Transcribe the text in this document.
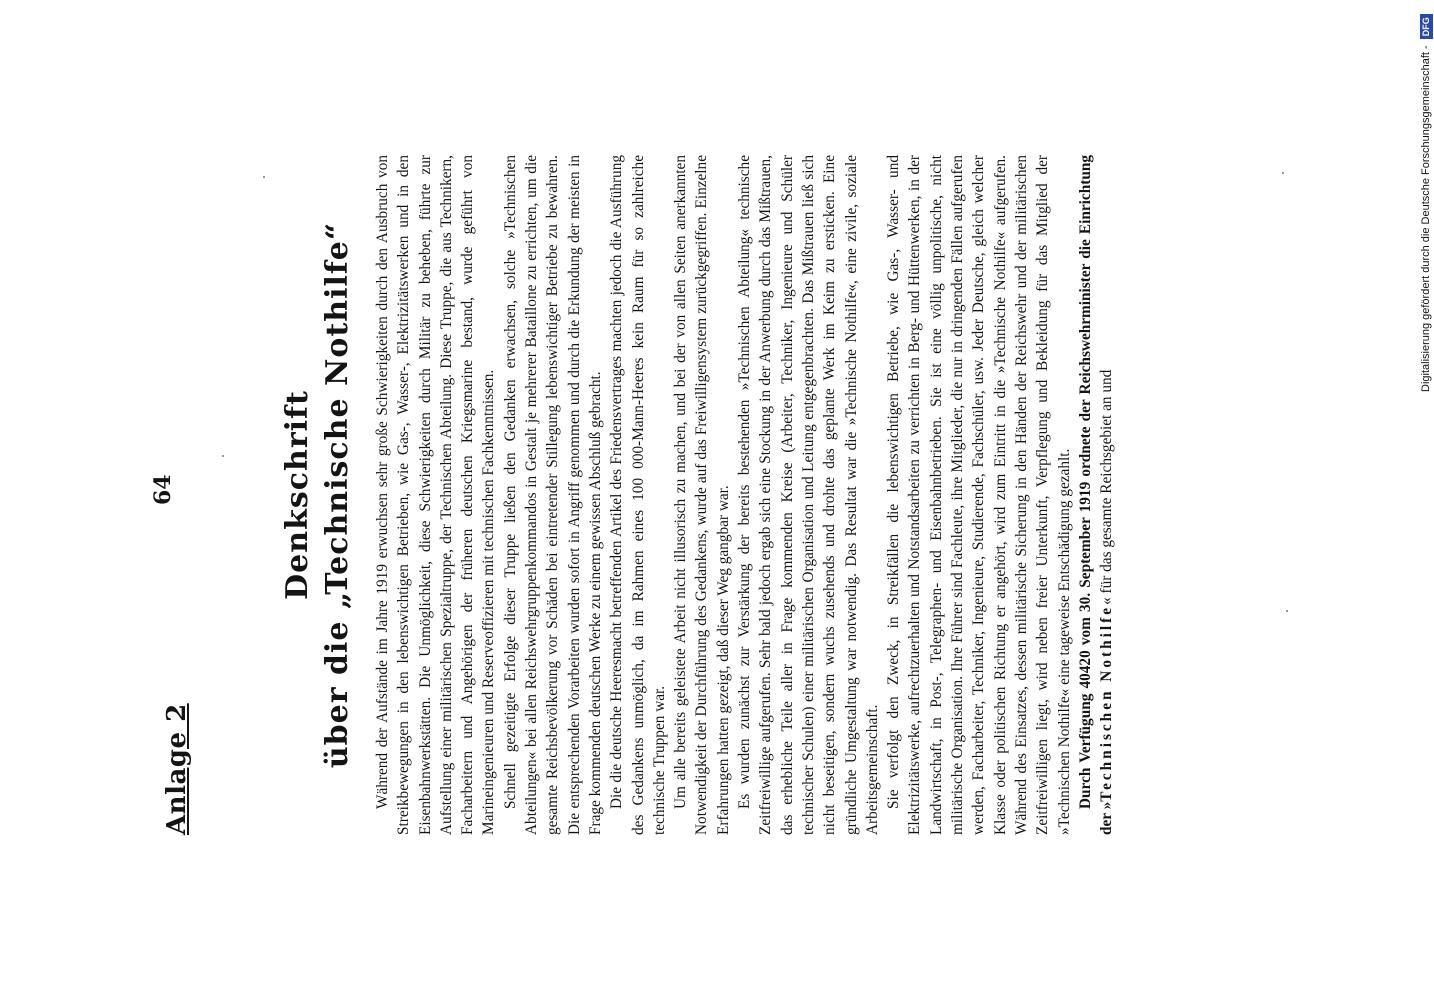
Anlage 2
64	Denkschrift über die „Technische Nothilfe“ Während der Aufstände im Jahre 1919 erwuchsen sehr große Schwierigkeiten durch den Ausbruch von Streikbewegungen in den lebenswichtigen Betrieben, wie Gas-, Wasser-, Elektrizitätswerken und in den Eisenbahnwerkstätten. Die Unmöglichkeit, diese Schwierigkeiten durch Militär zu beheben, führte zur Aufstellung einer militärischen Spezialtruppe, der Technischen Abteilung. Diese Truppe, die aus Technikern, Facharbeitern und Angehörigen der früheren deutschen Kriegsmarine bestand, wurde geführt von Marineingenieuren und Reserveoffizieren mit technischen Fachkenntnissen. Schnell gezeitigte Erfolge dieser Truppe ließen den Gedanken erwachsen, solche »Technischen Abteilungen« bei allen Reichswehrgruppenkommandos in Gestalt je mehrerer Bataillone zu errichten, um die gesamte Reichsbevölkerung vor Schäden bei eintretender Stillegung lebenswichtiger Betriebe zu bewahren. Die entsprechenden Vorarbeiten wurden sofort in Angriff genommen und durch die Erkundung der meisten in Frage kommenden deutschen Werke zu einem gewissen Abschluß gebracht. Die die deutsche Heeresmacht betreffenden Artikel des Friedensvertrages machten jedoch die Ausführung des Gedankens unmöglich, da im Rahmen eines 100 000-Mann-Heeres kein Raum für so zahlreiche technische Truppen war. Um alle bereits geleistete Arbeit nicht illusorisch zu machen, und bei der von allen Seiten anerkannten Notwendigkeit der Durchführung des Gedankens, wurde auf das Freiwilligensystem zurückgegriffen. Einzelne Erfahrungen hatten gezeigt, daß dieser Weg gangbar war. Es wurden zunächst zur Verstärkung der bereits bestehenden »Technischen Abteilung« technische Zeitfreiwillige aufgerufen. Sehr bald jedoch ergab sich eine Stockung in der Anwerbung durch das Mißtrauen, das erhebliche Teile aller in Frage kommenden Kreise (Arbeiter, Techniker, Ingenieure und Schüler technischer Schulen) einer militärischen Organisation und Leitung entgegenbrachten. Das Mißtrauen ließ sich nicht beseitigen, sondern wuchs zusehends und drohte das geplante Werk im Keim zu ersticken. Eine gründliche Umgestaltung war notwendig. Das Resultat war die »Technische Nothilfe«, eine zivile, soziale Arbeitsgemeinschaft. Sie verfolgt den Zweck, in Streikfällen die lebenswichtigen Betriebe, wie Gas-, Wasser- und Elektrizitätswerke, aufrechtzuerhalten und Notstandsarbeiten zu verrichten in Berg- und Hüttenwerken, in der Landwirtschaft, in Post-, Telegraphen- und Eisenbahnbetrieben. Sie ist eine völlig unpolitische, nicht militärische Organisation. Ihre Führer sind Fachleute, ihre Mitglieder, die nur in dringenden Fällen aufgerufen werden, Facharbeiter, Techniker, Ingenieure, Studierende, Fachschüler, usw. Jeder Deutsche, gleich welcher Klasse oder politischen Richtung er angehört, wird zum Eintritt in die »Technische Nothilfe« aufgerufen. Während des Einsatzes, dessen militärische Sicherung in den Händen der Reichswehr und der militärischen Zeitfreiwilligen liegt, wird neben freier Unterkunft, Verpflegung und Bekleidung für das Mitglied der »Technischen Nothilfe« eine tageweise Entschädigung gezahlt. Durch Verfügung 40420 vom 30. September 1919 ordnete der Reichswehrminister die Einrichtung der »Technischen Nothilfe« für das gesamte Reichsgebiet an und

Digitalisierung gefördert durch die Deutsche Forschungsgemeinschaft - DFG
